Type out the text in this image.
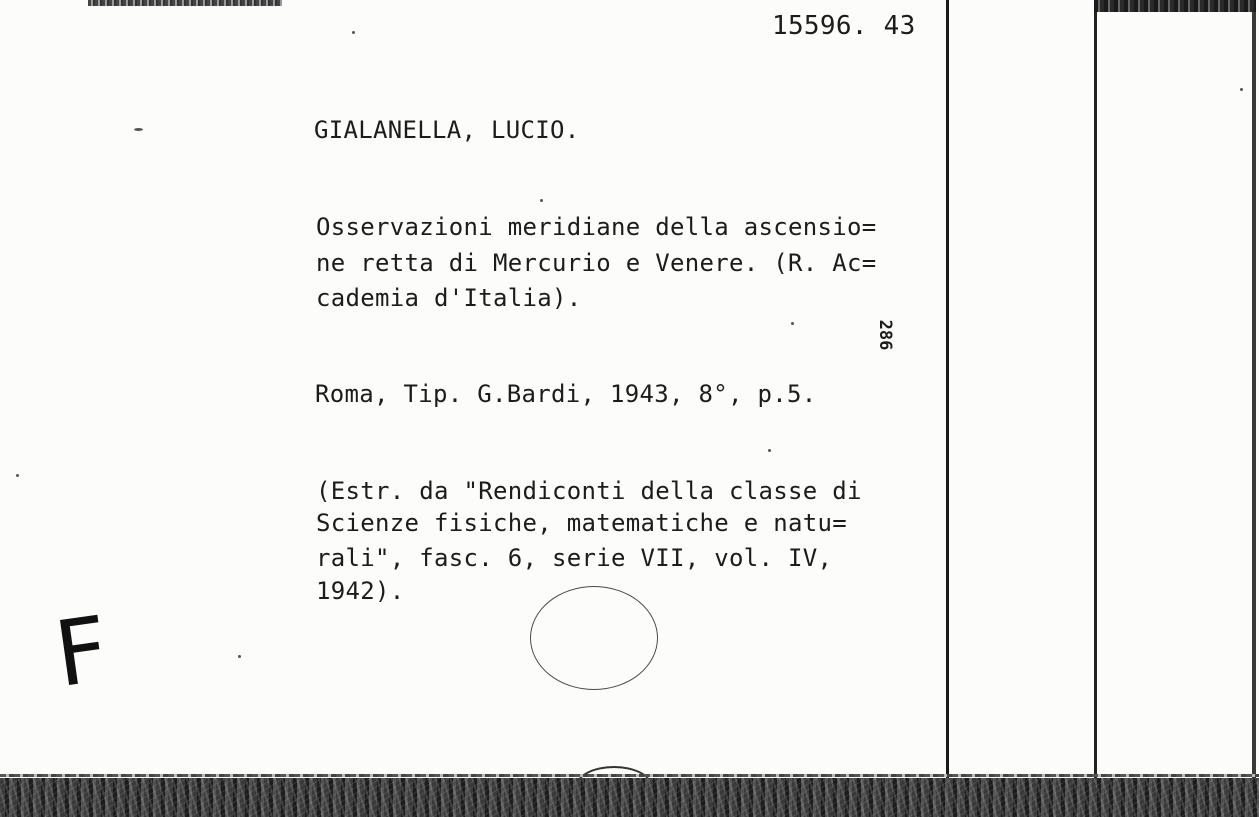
15596. 43

GIALANELLA, LUCIO.

Osservazioni meridiane della ascensio=

ne retta di Mercurio e Venere. (R. Ac=

cademia d'Italia).

286

Roma, Tip. G.Bardi, 1943, 8°, p.5.

(Estr. da "Rendiconti della classe di

Scienze fisiche, matematiche e natu=

rali", fasc. 6, serie VII, vol. IV,

1942).

F
